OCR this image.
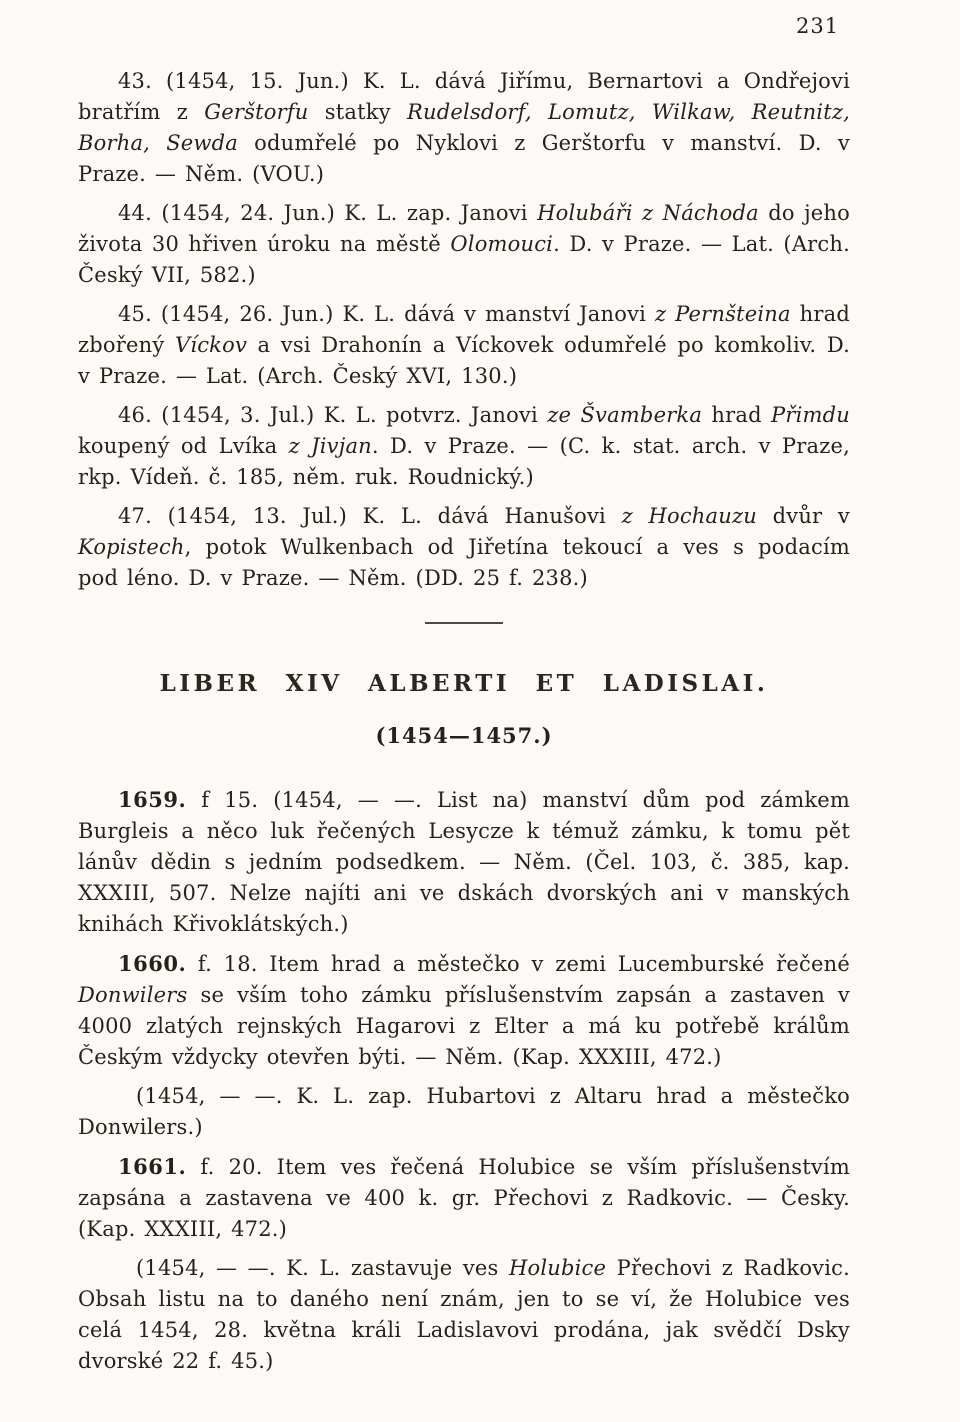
231

43. (1454, 15. Jun.) K. L. dává Jiřímu, Bernartovi a Ondřejovi bratřím z Gerštorfu statky Rudelsdorf, Lomutz, Wilkaw, Reutnitz, Borha, Sewda odumřelé po Nyklovi z Gerštorfu v manství. D. v Praze. — Něm. (VOU.)

44. (1454, 24. Jun.) K. L. zap. Janovi Holubáři z Náchoda do jeho života 30 hřiven úroku na městě Olomouci. D. v Praze. — Lat. (Arch. Český VII, 582.)

45. (1454, 26. Jun.) K. L. dává v manství Janovi z Pernšteina hrad zbořený Víckov a vsi Drahonín a Víckovek odumřelé po komkoliv. D. v Praze. — Lat. (Arch. Český XVI, 130.)

46. (1454, 3. Jul.) K. L. potvrz. Janovi ze Švamberka hrad Přimdu koupený od Lvíka z Jivjan. D. v Praze. — (C. k. stat. arch. v Praze, rkp. Vídeň. č. 185, něm. ruk. Roudnický.)

47. (1454, 13. Jul.) K. L. dává Hanušovi z Hochauzu dvůr v Kopistech, potok Wulkenbach od Jiřetína tekoucí a ves s podacím pod léno. D. v Praze. — Něm. (DD. 25 f. 238.)

LIBER XIV ALBERTI ET LADISLAI.
(1454—1457.)

1659. f 15. (1454, — —. List na) manství dům pod zámkem Burgleis a něco luk řečených Lesycze k témuž zámku, k tomu pět lánův dědin s jedním podsedkem. — Něm. (Čel. 103, č. 385, kap. XXXIII, 507. Nelze najíti ani ve dskách dvorských ani v manských knihách Křivoklátských.)

1660. f. 18. Item hrad a městečko v zemi Lucemburské řečené Donwilers se vším toho zámku příslušenstvím zapsán a zastaven v 4000 zlatých rejnských Hagarovi z Elter a má ku potřebě králům Českým vždycky otevřen býti. — Něm. (Kap. XXXIII, 472.)

(1454, — —. K. L. zap. Hubartovi z Altaru hrad a městečko Donwilers.)

1661. f. 20. Item ves řečená Holubice se vším příslušenstvím zapsána a zastavena ve 400 k. gr. Přechovi z Radkovic. — Česky. (Kap. XXXIII, 472.)

(1454, — —. K. L. zastavuje ves Holubice Přechovi z Radkovic. Obsah listu na to daného není znám, jen to se ví, že Holubice ves celá 1454, 28. května králi Ladislavovi prodána, jak svědčí Dsky dvorské 22 f. 45.)
